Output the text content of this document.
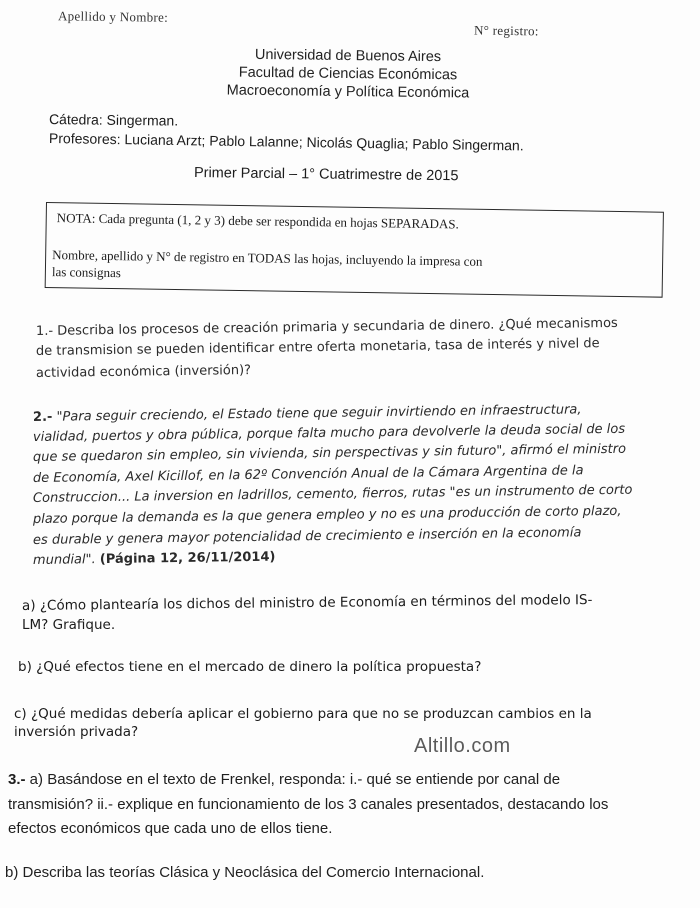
Apellido y Nombre:
N° registro:
Universidad de Buenos Aires
Facultad de Ciencias Económicas
Macroeconomía y Política Económica
Cátedra: Singerman.
Profesores: Luciana Arzt; Pablo Lalanne; Nicolás Quaglia; Pablo Singerman.
Primer Parcial – 1° Cuatrimestre de 2015
NOTA: Cada pregunta (1, 2 y 3) debe ser respondida en hojas SEPARADAS.
Nombre, apellido y N° de registro en TODAS las hojas, incluyendo la impresa con
las consignas
1.- Describa los procesos de creación primaria y secundaria de dinero. ¿Qué mecanismos
de transmision se pueden identificar entre oferta monetaria, tasa de interés y nivel de
actividad económica (inversión)?
2.- "Para seguir creciendo, el Estado tiene que seguir invirtiendo en infraestructura,
vialidad, puertos y obra pública, porque falta mucho para devolverle la deuda social de los
que se quedaron sin empleo, sin vivienda, sin perspectivas y sin futuro", afirmó el ministro
de Economía, Axel Kicillof, en la 62º Convención Anual de la Cámara Argentina de la
Construccion... La inversion en ladrillos, cemento, fierros, rutas "es un instrumento de corto
plazo porque la demanda es la que genera empleo y no es una producción de corto plazo,
es durable y genera mayor potencialidad de crecimiento e inserción en la economía
mundial". (Página 12, 26/11/2014)
a) ¿Cómo plantearía los dichos del ministro de Economía en términos del modelo IS-
LM? Grafique.
b) ¿Qué efectos tiene en el mercado de dinero la política propuesta?
c) ¿Qué medidas debería aplicar el gobierno para que no se produzcan cambios en la
inversión privada?
Altillo.com
3.- a) Basándose en el texto de Frenkel, responda: i.- qué se entiende por canal de
transmisión? ii.- explique en funcionamiento de los 3 canales presentados, destacando los
efectos económicos que cada uno de ellos tiene.
b) Describa las teorías Clásica y Neoclásica del Comercio Internacional.
